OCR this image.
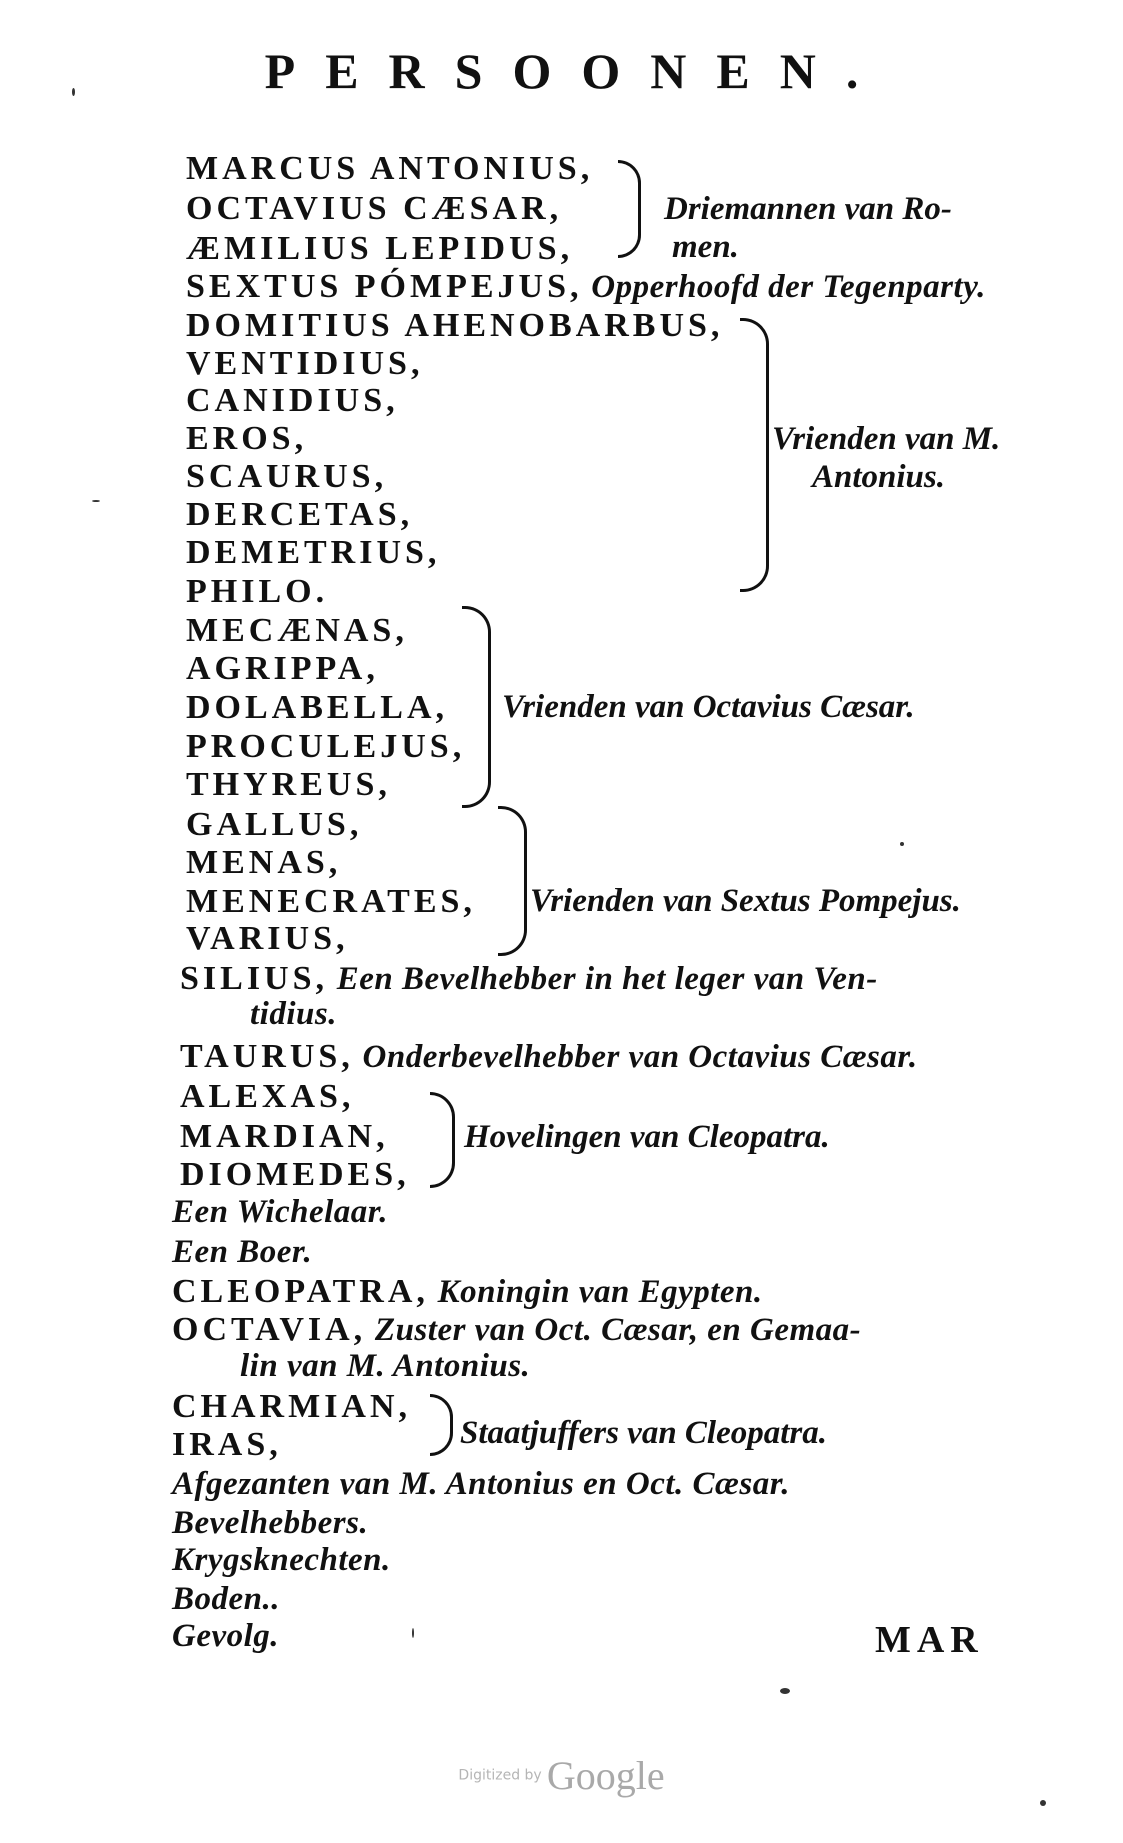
PERSOONEN.
MARCUS ANTONIUS,
OCTAVIUS CÆSAR,
ÆMILIUS LEPIDUS,
SEXTUS PÓMPEJUS, Opperhoofd der Tegenparty.
DOMITIUS AHENOBARBUS,
VENTIDIUS,
CANIDIUS,
EROS,
SCAURUS,
DERCETAS,
DEMETRIUS,
PHILO.
MECÆNAS,
AGRIPPA,
DOLABELLA,
PROCULEJUS,
THYREUS,
GALLUS,
MENAS,
MENECRATES,
VARIUS,
SILIUS, Een Bevelhebber in het leger van Ven-
tidius.
TAURUS, Onderbevelhebber van Octavius Cæsar.
ALEXAS,
MARDIAN,
DIOMEDES,
Een Wichelaar.
Een Boer.
CLEOPATRA, Koningin van Egypten.
OCTAVIA, Zuster van Oct. Cæsar, en Gemaa-
lin van M. Antonius.
CHARMIAN,
IRAS,
Afgezanten van M. Antonius en Oct. Cæsar.
Bevelhebbers.
Krygsknechten.
Boden..
Gevolg.
Driemannen van Ro-
men.
Vrienden van M.
Antonius.
Vrienden van Octavius Cæsar.
Vrienden van Sextus Pompejus.
Hovelingen van Cleopatra.
Staatjuffers van Cleopatra.
MAR
Digitized by Google
